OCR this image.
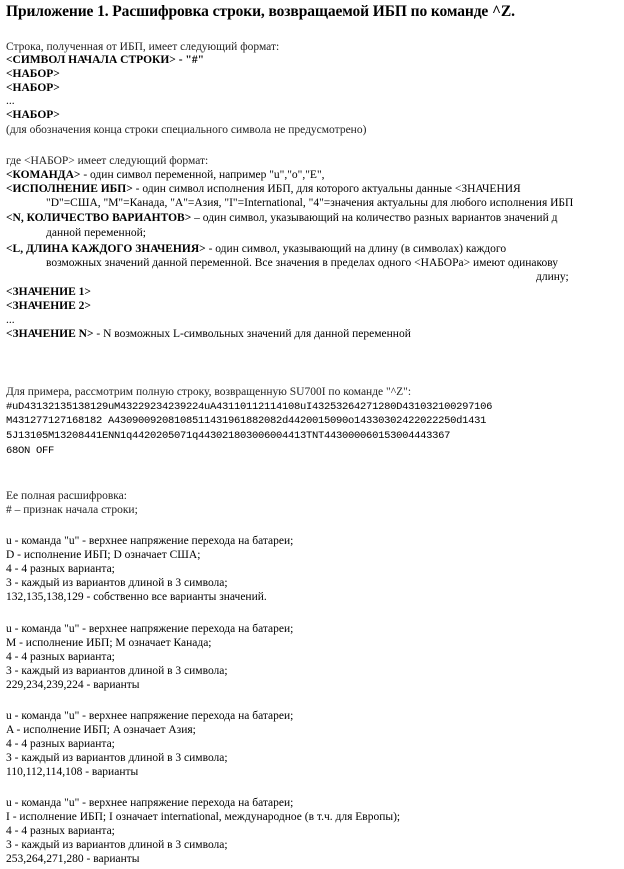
Приложение 1. Расшифровка строки, возвращаемой ИБП по команде ^Z.
Строка, полученная от ИБП, имеет следующий формат:
<СИМВОЛ НАЧАЛА СТРОКИ> - "#"
<НАБОР>
<НАБОР>
...
<НАБОР>
(для обозначения конца строки специального символа не предусмотрено)
где <НАБОР> имеет следующий формат:
<КОМАНДА> - один символ переменной, например "u","o","E",
<ИСПОЛНЕНИЕ ИБП> - один символ исполнения ИБП, для которого актуальны данные <ЗНАЧЕНИЯ
"D"=США, "M"=Канада, "A"=Азия, "I"=International, "4"=значения актуальны для любого исполнения ИБП
<N, КОЛИЧЕСТВО ВАРИАНТОВ> – один символ, указывающий на количество разных вариантов значений д
данной переменной;
<L, ДЛИНА КАЖДОГО ЗНАЧЕНИЯ> - один символ, указывающий на длину (в символах) каждого
возможных значений данной переменной. Все значения в пределах одного <НАБОРа> имеют одинакову
длину;
<ЗНАЧЕНИЕ 1>
<ЗНАЧЕНИЕ 2>
...
<ЗНАЧЕНИЕ N> - N возможных L-символьных значений для данной переменной
Для примера, рассмотрим полную строку, возвращенную SU700I по команде "^Z":
#uD43132135138129uM43229234239224uA43110112114108uI43253264271280D431032100297106
M431277127168182 A4309009208108511431961882082d4420015090o14330302422022250d1431
5J13105M13208441ENN1q4420205071q443021803006004413TNT443000060153004443367
68ON OFF
Ее полная расшифровка:
# – признак начала строки;
u - команда "u" - верхнее напряжение перехода на батареи;
D - исполнение ИБП; D означает США;
4 - 4 разных варианта;
3 - каждый из вариантов длиной в 3 символа;
132,135,138,129 - собственно все варианты значений.
u - команда "u" - верхнее напряжение перехода на батареи;
M - исполнение ИБП; M означает Канада;
4 - 4 разных варианта;
3 - каждый из вариантов длиной в 3 символа;
229,234,239,224 - варианты
u - команда "u" - верхнее напряжение перехода на батареи;
A - исполнение ИБП; A означает Азия;
4 - 4 разных варианта;
3 - каждый из вариантов длиной в 3 символа;
110,112,114,108 - варианты
u - команда "u" - верхнее напряжение перехода на батареи;
I - исполнение ИБП; I означает international, международное (в т.ч. для Европы);
4 - 4 разных варианта;
3 - каждый из вариантов длиной в 3 символа;
253,264,271,280 - варианты
